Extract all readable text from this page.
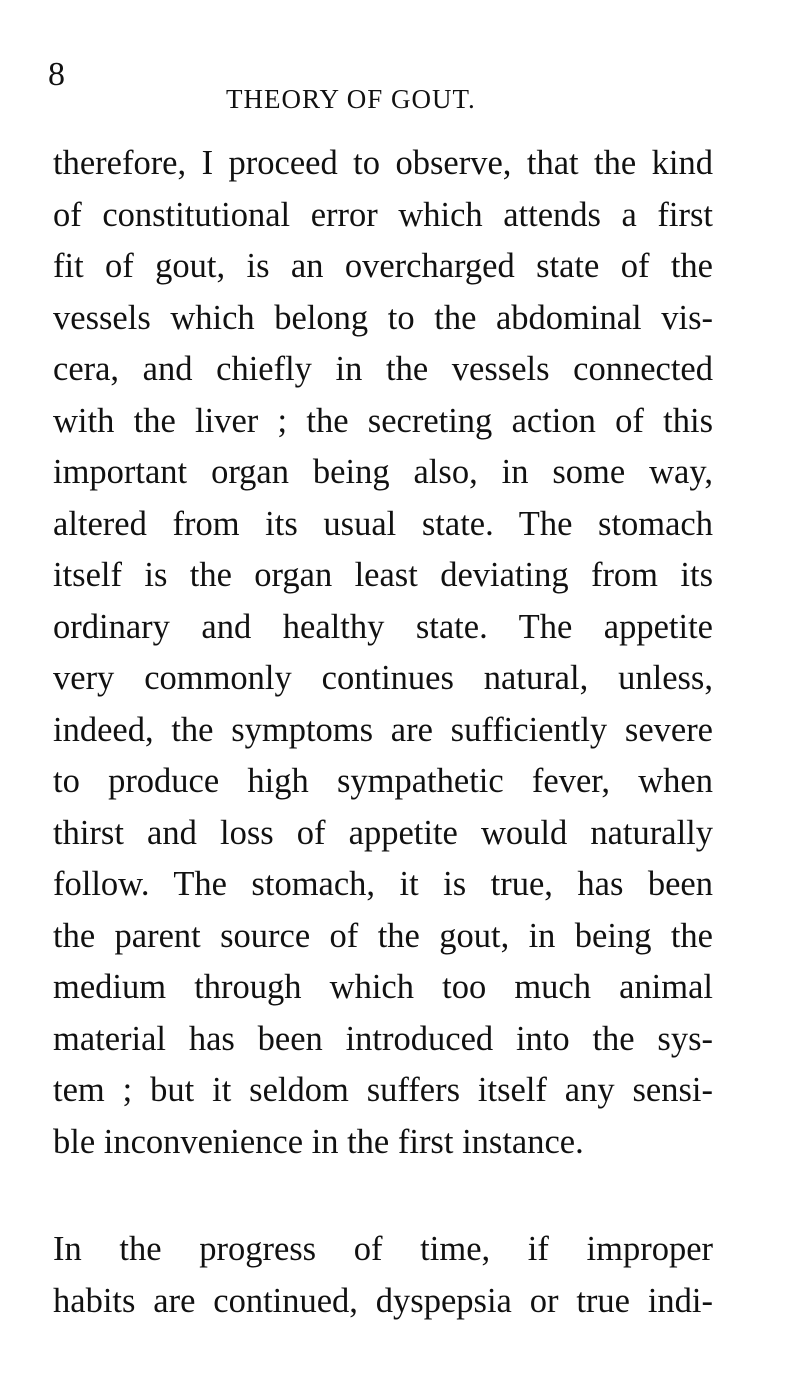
8
THEORY OF GOUT.
therefore, I proceed to observe, that the kind
of constitutional error which attends a first
fit of gout, is an overcharged state of the
vessels which belong to the abdominal vis-
cera, and chiefly in the vessels connected
with the liver ; the secreting action of this
important organ being also, in some way,
altered from its usual state. The stomach
itself is the organ least deviating from its
ordinary and healthy state. The appetite
very commonly continues natural, unless,
indeed, the symptoms are sufficiently severe
to produce high sympathetic fever, when
thirst and loss of appetite would naturally
follow. The stomach, it is true, has been
the parent source of the gout, in being the
medium through which too much animal
material has been introduced into the sys-
tem ; but it seldom suffers itself any sensi-
ble inconvenience in the first instance.
In the progress of time, if improper
habits are continued, dyspepsia or true indi-
